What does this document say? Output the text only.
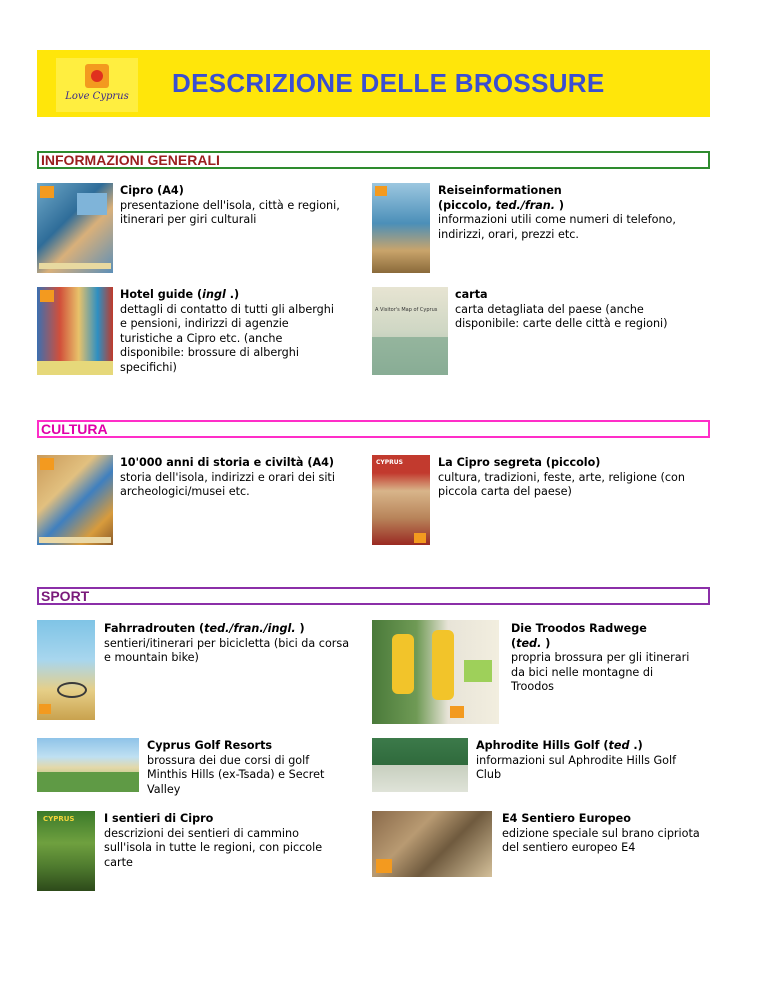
Love Cyprus DESCRIZIONE DELLE BROSSURE
INFORMAZIONI GENERALI
Cipro (A4)
presentazione dell'isola, città e regioni, itinerari per giri culturali
Reiseinformationen
(piccolo, ted./fran. )
informazioni utili come numeri di telefono, indirizzi, orari, prezzi etc.
Hotel guide (ingl .)
dettagli di contatto di tutti gli alberghi e pensioni, indirizzi di agenzie turistiche a Cipro etc. (anche disponibile: brossure di alberghi specifichi)
A Visitor's Map of Cyprus
carta
carta detagliata del paese (anche disponibile: carte delle città e regioni)
CULTURA
10'000 anni di storia e civiltà (A4)
storia dell'isola, indirizzi e orari dei siti archeologici/musei etc.
CYPRUS	La Cipro segreta (piccolo)
cultura, tradizioni, feste, arte, religione (con piccola carta del paese)
SPORT
Fahrradrouten (ted./fran./ingl. )
sentieri/itinerari per bicicletta (bici da corsa e mountain bike)
Die Troodos Radwege
(ted. )
propria brossura per gli itinerari da bici nelle montagne di Troodos
Cyprus Golf Resorts
brossura dei due corsi di golf Minthis Hills (ex-Tsada) e Secret Valley
Aphrodite Hills Golf (ted .)
informazioni sul Aphrodite Hills Golf Club
CYPRUS	I sentieri di Cipro
descrizioni dei sentieri di cammino sull'isola in tutte le regioni, con piccole carte
E4 Sentiero Europeo
edizione speciale sul brano cipriota del sentiero europeo E4
